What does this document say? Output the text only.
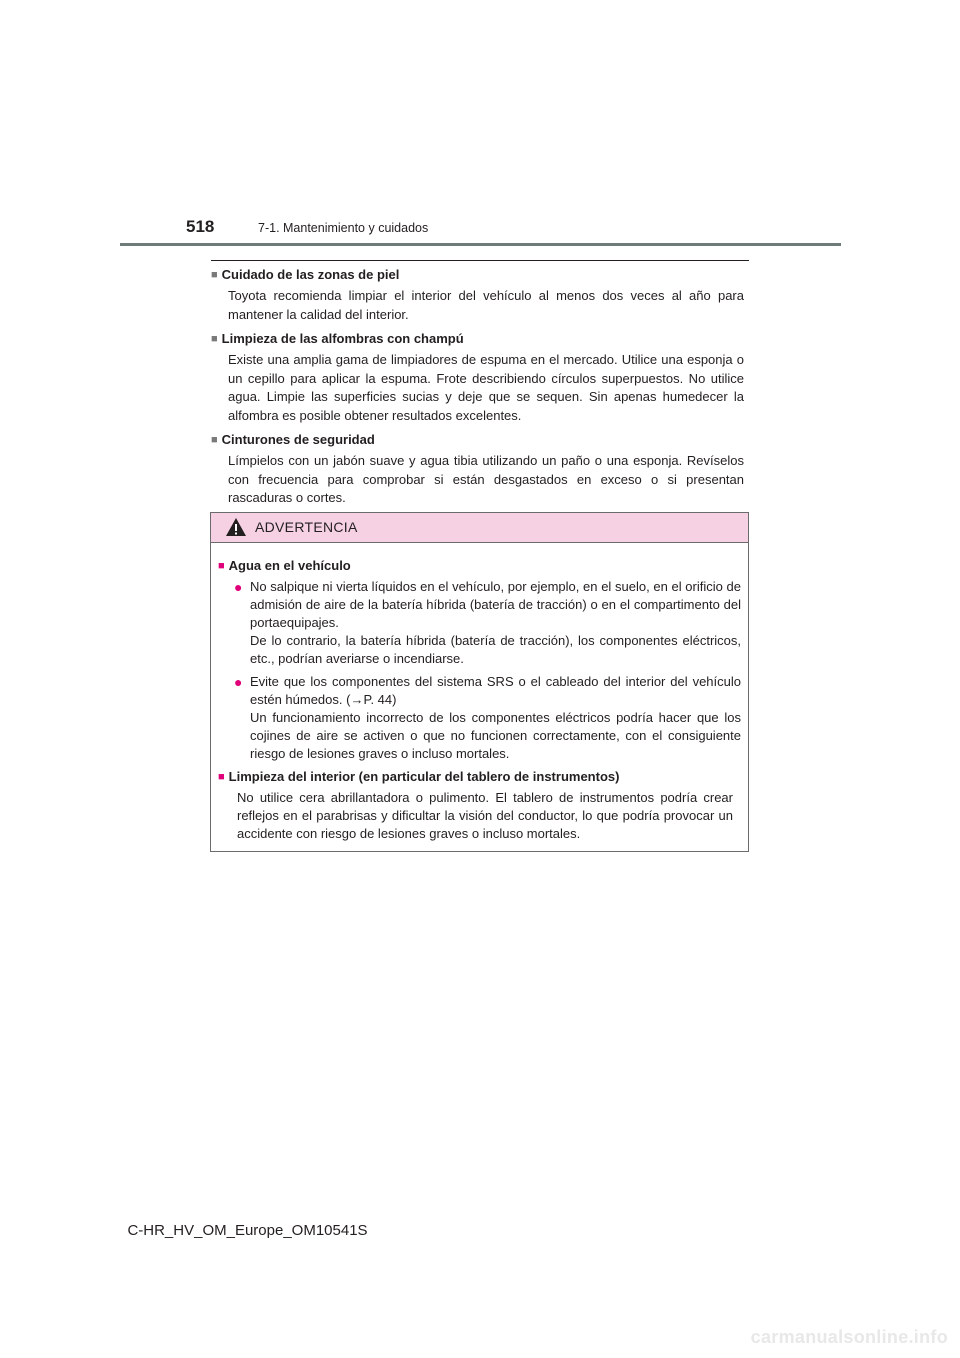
518	7-1. Mantenimiento y cuidados
■ Cuidado de las zonas de piel
Toyota recomienda limpiar el interior del vehículo al menos dos veces al año para mantener la calidad del interior.
■ Limpieza de las alfombras con champú
Existe una amplia gama de limpiadores de espuma en el mercado. Utilice una esponja o un cepillo para aplicar la espuma. Frote describiendo círculos superpuestos. No utilice agua. Limpie las superficies sucias y deje que se sequen. Sin apenas humedecer la alfombra es posible obtener resultados excelentes.
■ Cinturones de seguridad
Límpielos con un jabón suave y agua tibia utilizando un paño o una esponja. Revíselos con frecuencia para comprobar si están desgastados en exceso o si presentan rascaduras o cortes.
ADVERTENCIA
■ Agua en el vehículo
● No salpique ni vierta líquidos en el vehículo, por ejemplo, en el suelo, en el orificio de admisión de aire de la batería híbrida (batería de tracción) o en el compartimento del portaequipajes.
De lo contrario, la batería híbrida (batería de tracción), los componentes eléctricos, etc., podrían averiarse o incendiarse.
● Evite que los componentes del sistema SRS o el cableado del interior del vehículo estén húmedos. (→P. 44)
Un funcionamiento incorrecto de los componentes eléctricos podría hacer que los cojines de aire se activen o que no funcionen correctamente, con el consiguiente riesgo de lesiones graves o incluso mortales.
■ Limpieza del interior (en particular del tablero de instrumentos)
No utilice cera abrillantadora o pulimento. El tablero de instrumentos podría crear reflejos en el parabrisas y dificultar la visión del conductor, lo que podría provocar un accidente con riesgo de lesiones graves o incluso mortales.
C-HR_HV_OM_Europe_OM10541S
carmanualsonline.info
